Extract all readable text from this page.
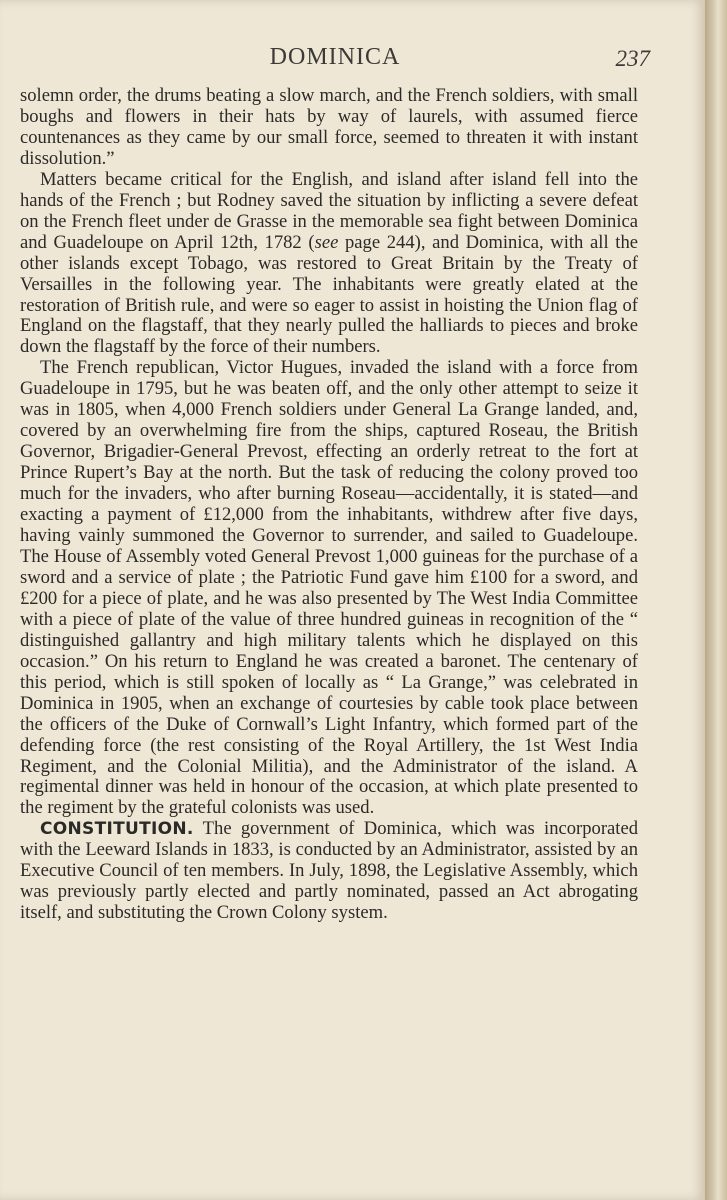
DOMINICA	237

solemn order, the drums beating a slow march, and the French soldiers, with small boughs and flowers in their hats by way of laurels, with assumed fierce countenances as they came by our small force, seemed to threaten it with instant dissolution.”

Matters became critical for the English, and island after island fell into the hands of the French ; but Rodney saved the situation by inflicting a severe defeat on the French fleet under de Grasse in the memorable sea fight between Dominica and Guadeloupe on April 12th, 1782 (see page 244), and Dominica, with all the other islands except Tobago, was restored to Great Britain by the Treaty of Versailles in the following year. The inhabitants were greatly elated at the restoration of British rule, and were so eager to assist in hoisting the Union flag of England on the flagstaff, that they nearly pulled the halliards to pieces and broke down the flagstaff by the force of their numbers.

The French republican, Victor Hugues, invaded the island with a force from Guadeloupe in 1795, but he was beaten off, and the only other attempt to seize it was in 1805, when 4,000 French soldiers under General La Grange landed, and, covered by an overwhelming fire from the ships, captured Roseau, the British Governor, Brigadier-General Prevost, effecting an orderly retreat to the fort at Prince Rupert’s Bay at the north. But the task of reducing the colony proved too much for the invaders, who after burning Roseau—accidentally, it is stated—and exacting a payment of £12,000 from the inhabitants, withdrew after five days, having vainly summoned the Governor to surrender, and sailed to Guadeloupe. The House of Assembly voted General Prevost 1,000 guineas for the purchase of a sword and a service of plate ; the Patriotic Fund gave him £100 for a sword, and £200 for a piece of plate, and he was also presented by The West India Committee with a piece of plate of the value of three hundred guineas in recognition of the “ distinguished gallantry and high military talents which he displayed on this occasion.” On his return to England he was created a baronet. The centenary of this period, which is still spoken of locally as “ La Grange,” was celebrated in Dominica in 1905, when an exchange of courtesies by cable took place between the officers of the Duke of Cornwall’s Light Infantry, which formed part of the defending force (the rest consisting of the Royal Artillery, the 1st West India Regiment, and the Colonial Militia), and the Administrator of the island. A regimental dinner was held in honour of the occasion, at which plate presented to the regiment by the grateful colonists was used.

CONSTITUTION. The government of Dominica, which was incorporated with the Leeward Islands in 1833, is conducted by an Administrator, assisted by an Executive Council of ten members. In July, 1898, the Legislative Assembly, which was previously partly elected and partly nominated, passed an Act abrogating itself, and substituting the Crown Colony system.
